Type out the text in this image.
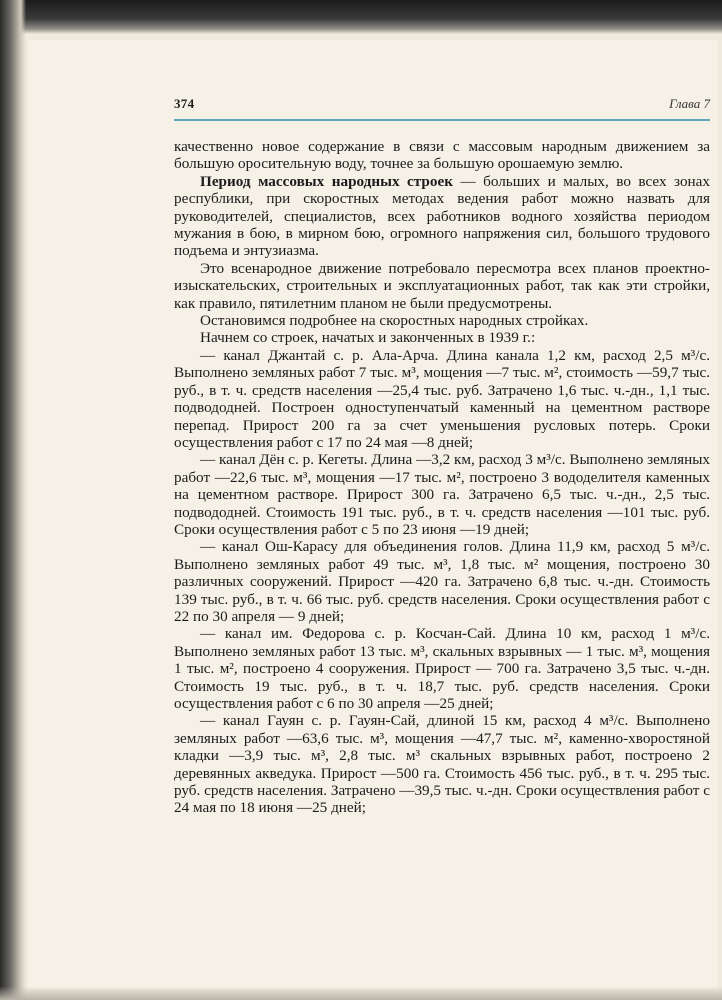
374	Глава 7

качественно новое содержание в связи с массовым народным движением за большую оросительную воду, точнее за большую орошаемую землю.

Период массовых народных строек — больших и малых, во всех зонах республики, при скоростных методах ведения работ можно назвать для руководителей, специалистов, всех работников водного хозяйства периодом мужания в бою, в мирном бою, огромного напряжения сил, большого трудового подъема и энтузиазма.

Это всенародное движение потребовало пересмотра всех планов проектно-изыскательских, строительных и эксплуатационных работ, так как эти стройки, как правило, пятилетним планом не были предусмотрены.

Остановимся подробнее на скоростных народных стройках.

Начнем со строек, начатых и законченных в 1939 г.:

— канал Джантай с. р. Ала-Арча. Длина канала 1,2 км, расход 2,5 м³/с. Выполнено земляных работ 7 тыс. м³, мощения —7 тыс. м², стоимость —59,7 тыс. руб., в т. ч. средств населения —25,4 тыс. руб. Затрачено 1,6 тыс. ч.-дн., 1,1 тыс. подвододней. Построен одноступенчатый каменный на цементном растворе перепад. Прирост 200 га за счет уменьшения русловых потерь. Сроки осуществления работ с 17 по 24 мая —8 дней;

— канал Дён с. р. Кегеты. Длина —3,2 км, расход 3 м³/с. Выполнено земляных работ —22,6 тыс. м³, мощения —17 тыс. м², построено 3 вододелителя каменных на цементном растворе. Прирост 300 га. Затрачено 6,5 тыс. ч.-дн., 2,5 тыс. подвододней. Стоимость 191 тыс. руб., в т. ч. средств населения —101 тыс. руб. Сроки осуществления работ с 5 по 23 июня —19 дней;

— канал Ош-Карасу для объединения голов. Длина 11,9 км, расход 5 м³/с. Выполнено земляных работ 49 тыс. м³, 1,8 тыс. м² мощения, построено 30 различных сооружений. Прирост —420 га. Затрачено 6,8 тыс. ч.-дн. Стоимость 139 тыс. руб., в т. ч. 66 тыс. руб. средств населения. Сроки осуществления работ с 22 по 30 апреля — 9 дней;

— канал им. Федорова с. р. Косчан-Сай. Длина 10 км, расход 1 м³/с. Выполнено земляных работ 13 тыс. м³, скальных взрывных — 1 тыс. м³, мощения 1 тыс. м², построено 4 сооружения. Прирост — 700 га. Затрачено 3,5 тыс. ч.-дн. Стоимость 19 тыс. руб., в т. ч. 18,7 тыс. руб. средств населения. Сроки осуществления работ с 6 по 30 апреля —25 дней;

— канал Гауян с. р. Гауян-Сай, длиной 15 км, расход 4 м³/с. Выполнено земляных работ —63,6 тыс. м³, мощения —47,7 тыс. м², каменно-хворостяной кладки —3,9 тыс. м³, 2,8 тыс. м³ скальных взрывных работ, построено 2 деревянных акведука. Прирост —500 га. Стоимость 456 тыс. руб., в т. ч. 295 тыс. руб. средств населения. Затрачено —39,5 тыс. ч.-дн. Сроки осуществления работ с 24 мая по 18 июня —25 дней;
